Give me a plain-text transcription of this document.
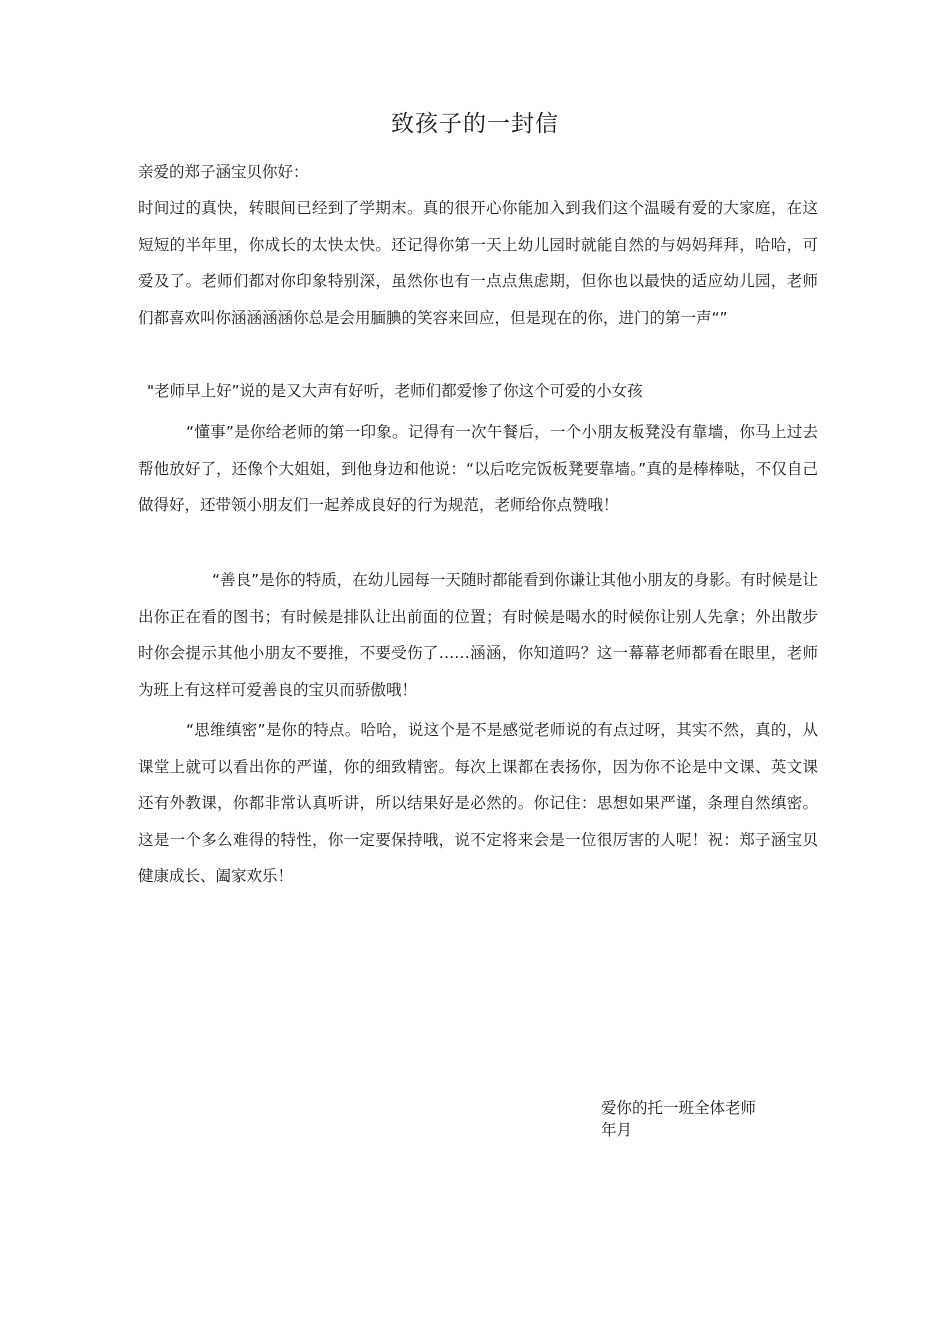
致孩子的一封信
亲爱的郑子涵宝贝你好：
时间过的真快，转眼间已经到了学期末。真的很开心你能加入到我们这个温暖有爱的大家庭，在这短短的半年里，你成长的太快太快。还记得你第一天上幼儿园时就能自然的与妈妈拜拜，哈哈，可爱及了。老师们都对你印象特别深，虽然你也有一点点焦虑期，但你也以最快的适应幼儿园，老师们都喜欢叫你涵涵涵涵你总是会用腼腆的笑容来回应，但是现在的你，进门的第一声“”
"老师早上好”说的是又大声有好听，老师们都爱惨了你这个可爱的小女孩
“懂事”是你给老师的第一印象。记得有一次午餐后，一个小朋友板凳没有靠墙，你马上过去帮他放好了，还像个大姐姐，到他身边和他说：“以后吃完饭板凳要靠墙。”真的是棒棒哒，不仅自己做得好，还带领小朋友们一起养成良好的行为规范，老师给你点赞哦！
“善良”是你的特质，在幼儿园每一天随时都能看到你谦让其他小朋友的身影。有时候是让出你正在看的图书；有时候是排队让出前面的位置；有时候是喝水的时候你让别人先拿；外出散步时你会提示其他小朋友不要推，不要受伤了……涵涵，你知道吗？这一幕幕老师都看在眼里，老师为班上有这样可爱善良的宝贝而骄傲哦！
“思维缜密”是你的特点。哈哈，说这个是不是感觉老师说的有点过呀，其实不然，真的，从课堂上就可以看出你的严谨，你的细致精密。每次上课都在表扬你，因为你不论是中文课、英文课还有外教课，你都非常认真听讲，所以结果好是必然的。你记住：思想如果严谨，条理自然缜密。这是一个多么难得的特性，你一定要保持哦，说不定将来会是一位很厉害的人呢！祝：郑子涵宝贝健康成长、阖家欢乐！
爱你的托一班全体老师
年月
